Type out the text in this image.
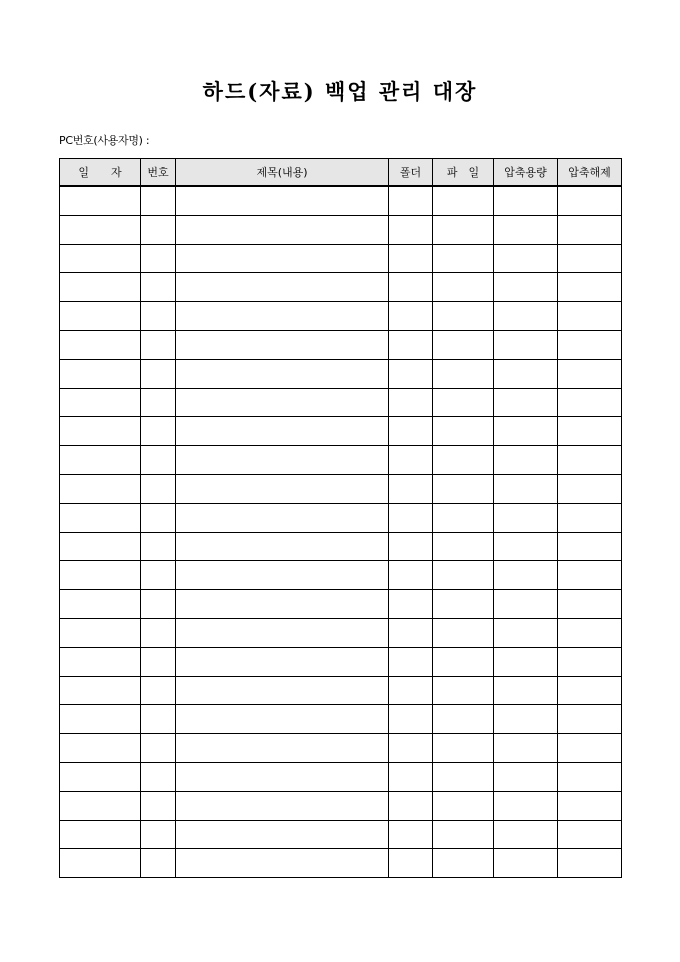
하드(자료) 백업 관리 대장
PC번호(사용자명) :
일　　자	번호	제목(내용)	폴더	파　일	압축용량	압축해제
